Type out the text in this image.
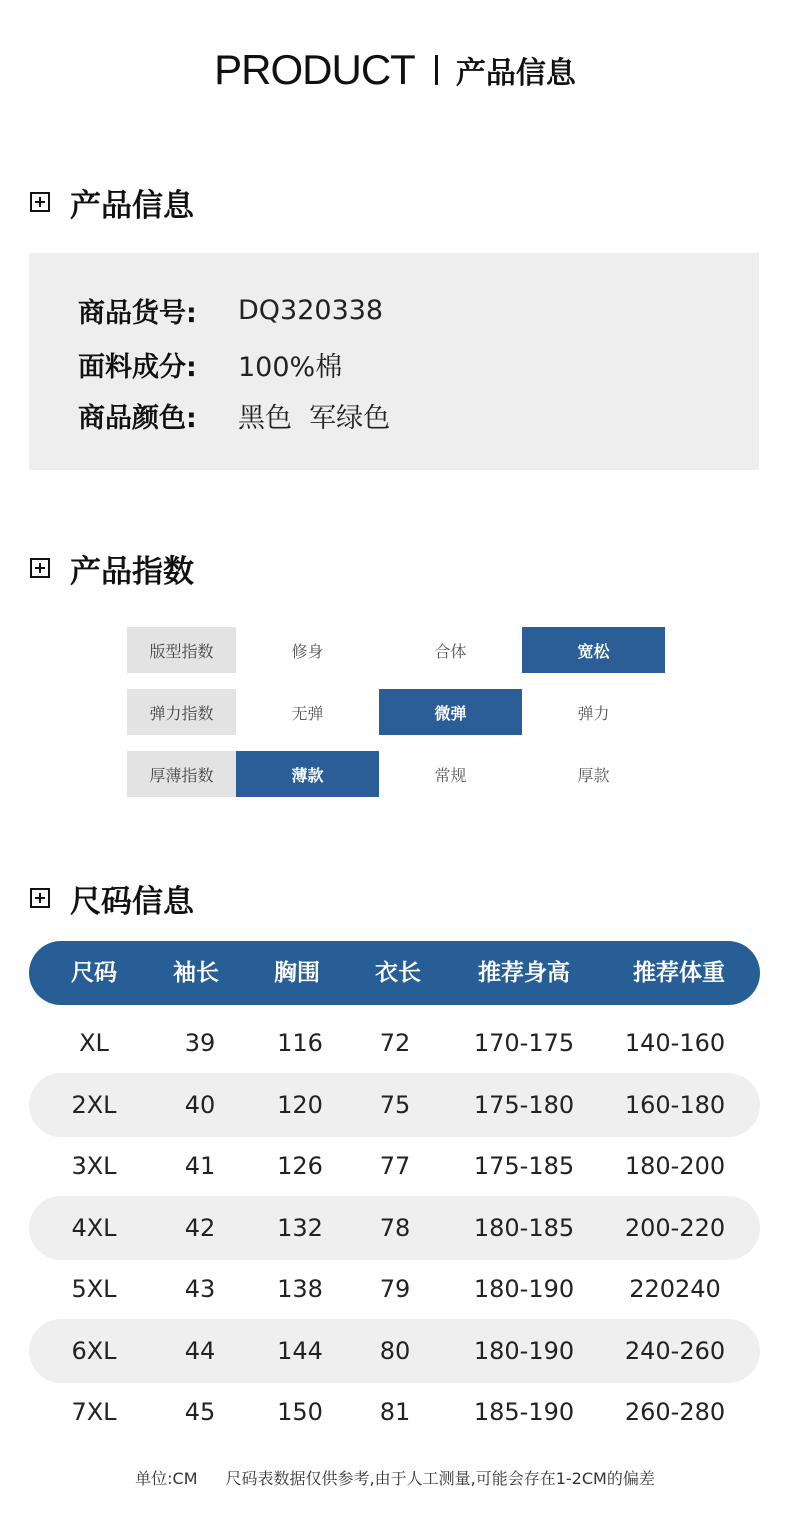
PRODUCT 产品信息
产品信息
商品货号:	DQ320338
面料成分:	100%棉
商品颜色:	黑色  军绿色
产品指数
版型指数	修身	合体	宽松
弹力指数	无弹	微弹	弹力
厚薄指数	薄款	常规	厚款
尺码信息
尺码 袖长 胸围 衣长 推荐身高	推荐体重
XL	39	116 72	170-175 140-160
2XL	40	120 75	175-180 160-180
3XL	41	126 77	175-185 180-200
4XL	42	132 78	180-185 200-220
5XL	43	138 79	180-190 220240
6XL	44	144 80	180-190 240-260
7XL	45	150 81	185-190 260-280
单位:CM 尺码表数据仅供参考,由于人工测量,可能会存在1-2CM的偏差
